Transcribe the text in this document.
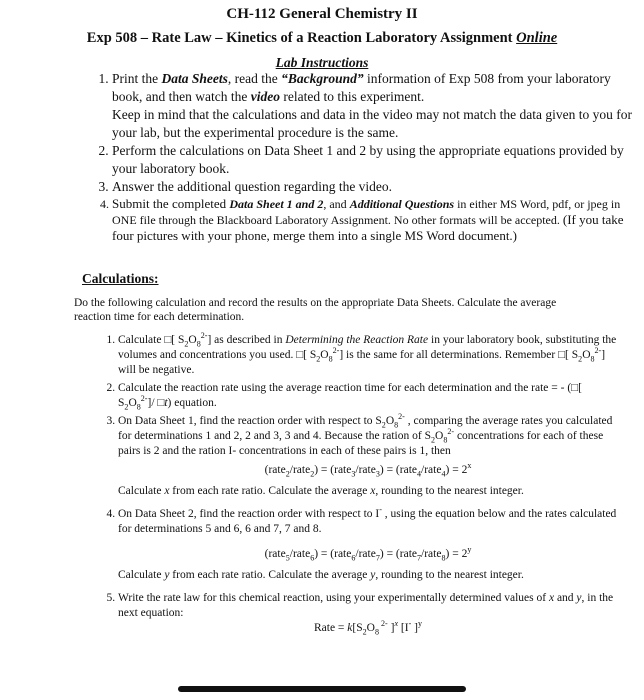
CH-112 General Chemistry II
Exp 508 – Rate Law – Kinetics of a Reaction Laboratory Assignment Online
Lab Instructions
1. Print the Data Sheets, read the “Background” information of Exp 508 from your laboratory book, and then watch the video related to this experiment.
Keep in mind that the calculations and data in the video may not match the data given to you for your lab, but the experimental procedure is the same.
2. Perform the calculations on Data Sheet 1 and 2 by using the appropriate equations provided by your laboratory book.
3. Answer the additional question regarding the video.
4. Submit the completed Data Sheet 1 and 2, and Additional Questions in either MS Word, pdf, or jpeg in ONE file through the Blackboard Laboratory Assignment. No other formats will be accepted. (If you take four pictures with your phone, merge them into a single MS Word document.)
Calculations:
Do the following calculation and record the results on the appropriate Data Sheets. Calculate the average reaction time for each determination.
1. Calculate □[ $S_2O_8^{2-}$] as described in Determining the Reaction Rate in your laboratory book, substituting the volumes and concentrations you used. □[ $S_2O_8^{2-}$] is the same for all determinations. Remember □[ $S_2O_8^{2-}$] will be negative.
2. Calculate the reaction rate using the average reaction time for each determination and the rate = - (□[ $S_2O_8^{2-}]/$ □t) equation.
3. On Data Sheet 1, find the reaction order with respect to $S_2O_8^{2-}$ , comparing the average rates you calculated for determinations 1 and 2, 2 and 3, 3 and 4. Because the ration of $S_2O_8^{2-}$ concentrations for each of these pairs is 2 and the ration I- concentrations in each of these pairs is 1, then
(rate$_2$/rate$_2$) = (rate$_3$/rate$_3$) = (rate$_4$/rate$_4$) = $2^x$
Calculate x from each rate ratio. Calculate the average x, rounding to the nearest integer.
4. On Data Sheet 2, find the reaction order with respect to I- , using the equation below and the rates calculated for determinations 5 and 6, 6 and 7, 7 and 8.
(rate$_5$/rate$_6$) = (rate$_6$/rate$_7$) = (rate$_7$/rate$_8$) = $2^y$
Calculate y from each rate ratio. Calculate the average y, rounding to the nearest integer.
5. Write the rate law for this chemical reaction, using your experimentally determined values of x and y, in the next equation:
Rate = $k[S_2O_8$ $^{2-}$ ]$^x$ [I- ]$^y$
